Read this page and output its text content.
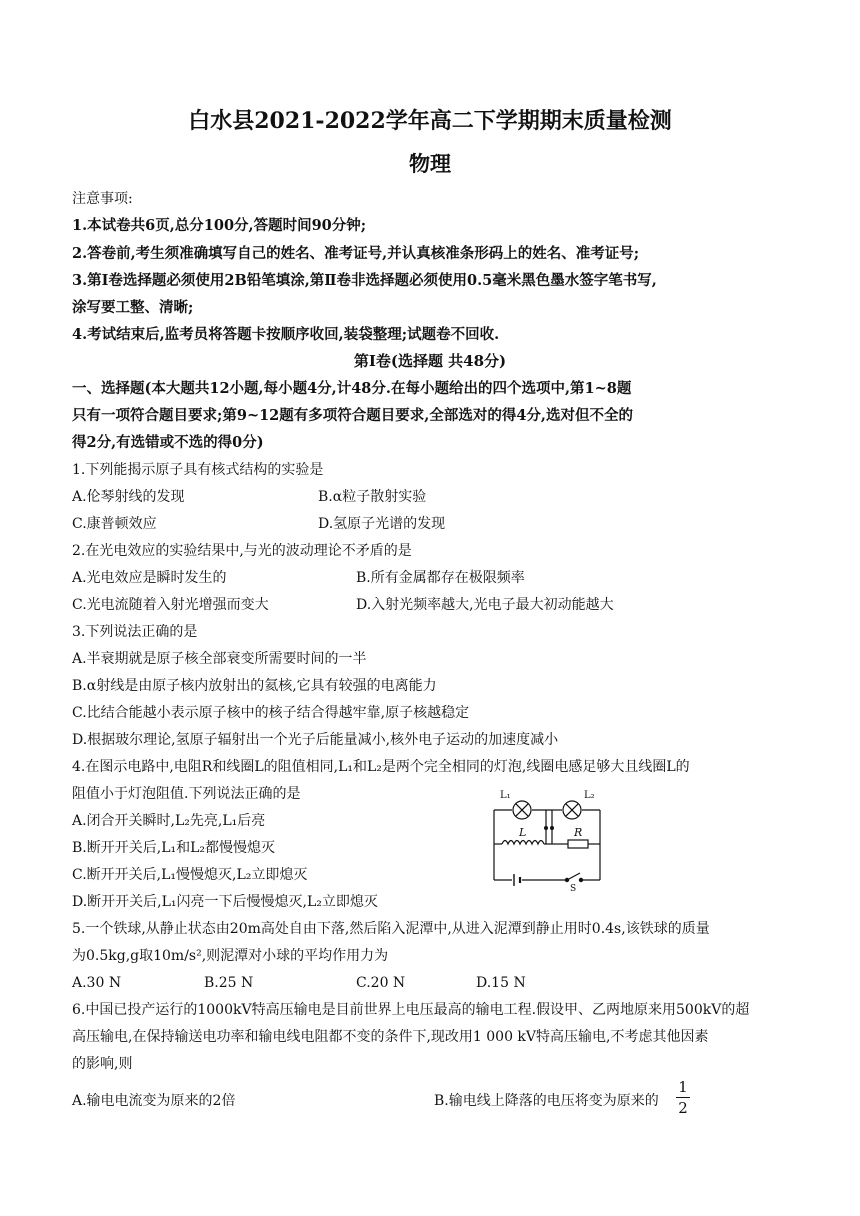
白水县2021-2022学年高二下学期期末质量检测
物理
注意事项:
1.本试卷共6页,总分100分,答题时间90分钟;
2.答卷前,考生须准确填写自己的姓名、准考证号,并认真核准条形码上的姓名、准考证号;
3.第Ⅰ卷选择题必须使用2B铅笔填涂,第Ⅱ卷非选择题必须使用0.5毫米黑色墨水签字笔书写,
涂写要工整、清晰;
4.考试结束后,监考员将答题卡按顺序收回,装袋整理;试题卷不回收.
第Ⅰ卷(选择题 共48分)
一、选择题(本大题共12小题,每小题4分,计48分.在每小题给出的四个选项中,第1~8题
只有一项符合题目要求;第9~12题有多项符合题目要求,全部选对的得4分,选对但不全的
得2分,有选错或不选的得0分)
1.下列能揭示原子具有核式结构的实验是
A.伦琴射线的发现	B.α粒子散射实验
C.康普顿效应	D.氢原子光谱的发现
2.在光电效应的实验结果中,与光的波动理论不矛盾的是
A.光电效应是瞬时发生的	B.所有金属都存在极限频率
C.光电流随着入射光增强而变大	D.入射光频率越大,光电子最大初动能越大
3.下列说法正确的是
A.半衰期就是原子核全部衰变所需要时间的一半
B.α射线是由原子核内放射出的氦核,它具有较强的电离能力
C.比结合能越小表示原子核中的核子结合得越牢靠,原子核越稳定
D.根据玻尔理论,氢原子辐射出一个光子后能量减小,核外电子运动的加速度减小
4.在图示电路中,电阻R和线圈L的阻值相同,L₁和L₂是两个完全相同的灯泡,线圈电感足够大且线圈L的
阻值小于灯泡阻值.下列说法正确的是
A.闭合开关瞬时,L₂先亮,L₁后亮
B.断开开关后,L₁和L₂都慢慢熄灭
C.断开开关后,L₁慢慢熄灭,L₂立即熄灭
D.断开开关后,L₁闪亮一下后慢慢熄灭,L₂立即熄灭
L₁	L₂
L	R
S
5.一个铁球,从静止状态由20m高处自由下落,然后陷入泥潭中,从进入泥潭到静止用时0.4s,该铁球的质量
为0.5kg,g取10m/s²,则泥潭对小球的平均作用力为
A.30 N	B.25 N	C.20 N	D.15 N
6.中国已投产运行的1000kV特高压输电是目前世界上电压最高的输电工程.假设甲、乙两地原来用500kV的超
高压输电,在保持输送电功率和输电线电阻都不变的条件下,现改用1 000 kV特高压输电,不考虑其他因素
的影响,则
A.输电电流变为原来的2倍	B.输电线上降落的电压将变为原来的
1
2
